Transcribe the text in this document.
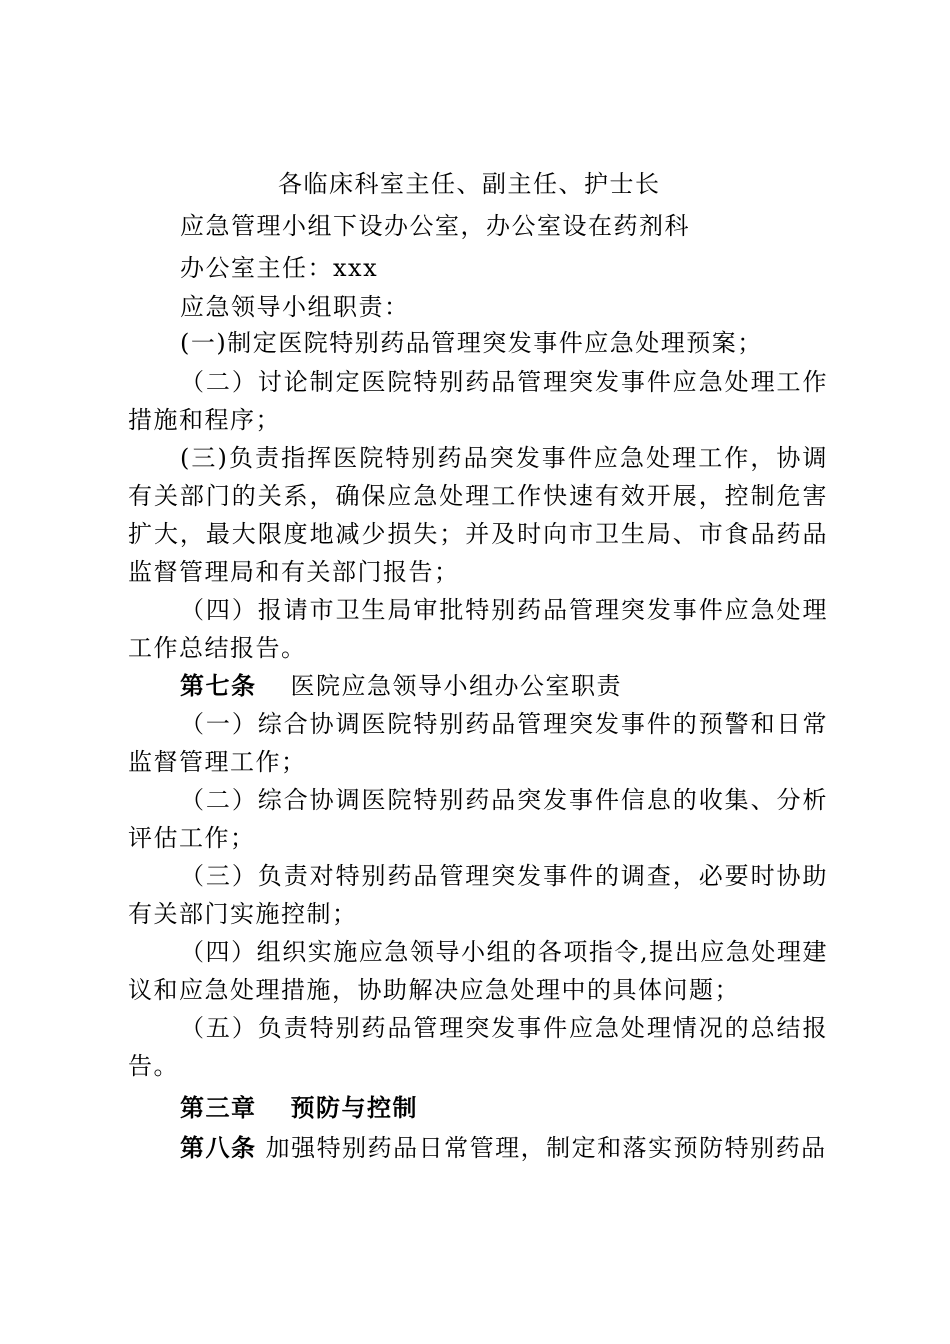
各临床科室主任、副主任、护士长
应急管理小组下设办公室，办公室设在药剂科
办公室主任：xxx
应急领导小组职责：
(一)制定医院特别药品管理突发事件应急处理预案；
（二）讨论制定医院特别药品管理突发事件应急处理工作
措施和程序；
(三)负责指挥医院特别药品突发事件应急处理工作，协调
有关部门的关系，确保应急处理工作快速有效开展，控制危害
扩大，最大限度地减少损失；并及时向市卫生局、市食品药品
监督管理局和有关部门报告；
（四）报请市卫生局审批特别药品管理突发事件应急处理
工作总结报告。
第七条 医院应急领导小组办公室职责
（一）综合协调医院特别药品管理突发事件的预警和日常
监督管理工作；
（二）综合协调医院特别药品突发事件信息的收集、分析
评估工作；
（三）负责对特别药品管理突发事件的调查，必要时协助
有关部门实施控制；
（四）组织实施应急领导小组的各项指令,提出应急处理建
议和应急处理措施，协助解决应急处理中的具体问题；
（五）负责特别药品管理突发事件应急处理情况的总结报
告。
第三章 预防与控制
第八条 加强特别药品日常管理，制定和落实预防特别药品
